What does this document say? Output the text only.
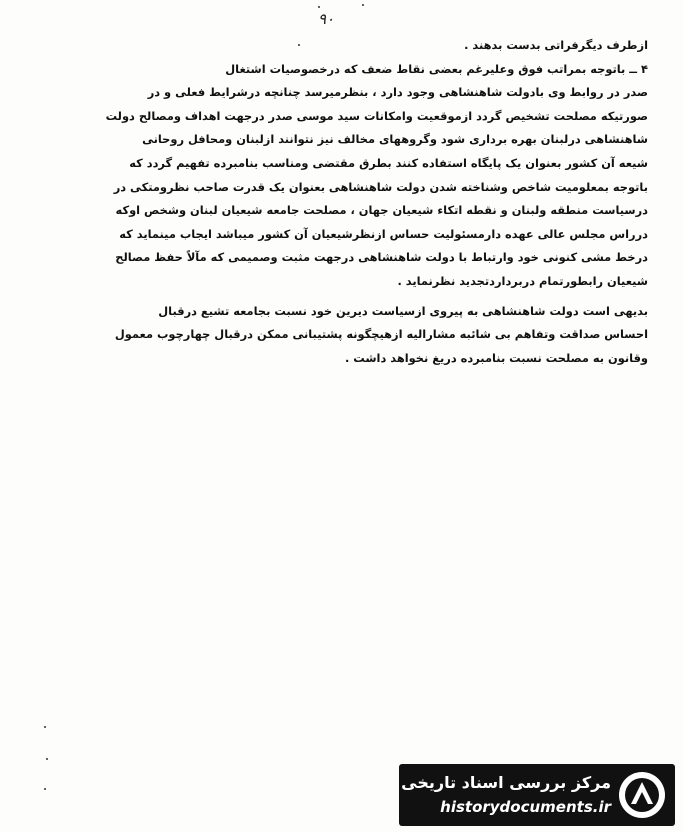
٩٠
ازطرف دیگرفراتی بدست بدهند .
۴ ــ باتوجه بمراتب فوق وعلیرغم بعضی نقاط ضعف که درخصوصیات اشتغال
صدر در روابط وی بادولت شاهنشاهی وجود دارد ، بنظرمیرسد چنانچه درشرایط فعلی و در
صورتیکه مصلحت تشخیص گردد ازموقعیت وامکانات سید موسی صدر درجهت اهداف ومصالح دولت
شاهنشاهی درلبنان بهره برداری شود وگروههای مخالف نیز نتوانند ازلبنان ومحافل روحانی
شیعه آن کشور بعنوان یک پایگاه استفاده کنند بطرق مقتضی ومناسب بنامبرده تفهیم گردد که
باتوجه بمعلومیت شاخص وشناخته شدن دولت شاهنشاهی بعنوان یک قدرت صاحب نظرومتکی در
درسیاست منطقه ولبنان و نقطه اتکاء شیعیان جهان ، مصلحت جامعه شیعیان لبنان وشخص اوکه
درراس مجلس عالی عهده دارمسئولیت حساس ازنظرشیعیان آن کشور میباشد ایجاب مینماید که
درخط مشی کنونی خود وارتباط با دولت شاهنشاهی درجهت مثبت وصمیمی که مآلاً حفظ مصالح
شیعیان رابطورتمام دربرداردتجدید نظرنماید .
بدیهی است دولت شاهنشاهی به پیروی ازسیاست دیرین خود نسبت بجامعه تشیع درقبال
احساس صداقت وتفاهم بی شائبه مشارالیه ازهیچگونه پشتیبانی ممکن درقبال چهارچوب معمول
وقانون به مصلحت نسبت بنامبرده دریغ نخواهد داشت .
مرکز بررسی اسناد تاریخی
historydocuments.ir
